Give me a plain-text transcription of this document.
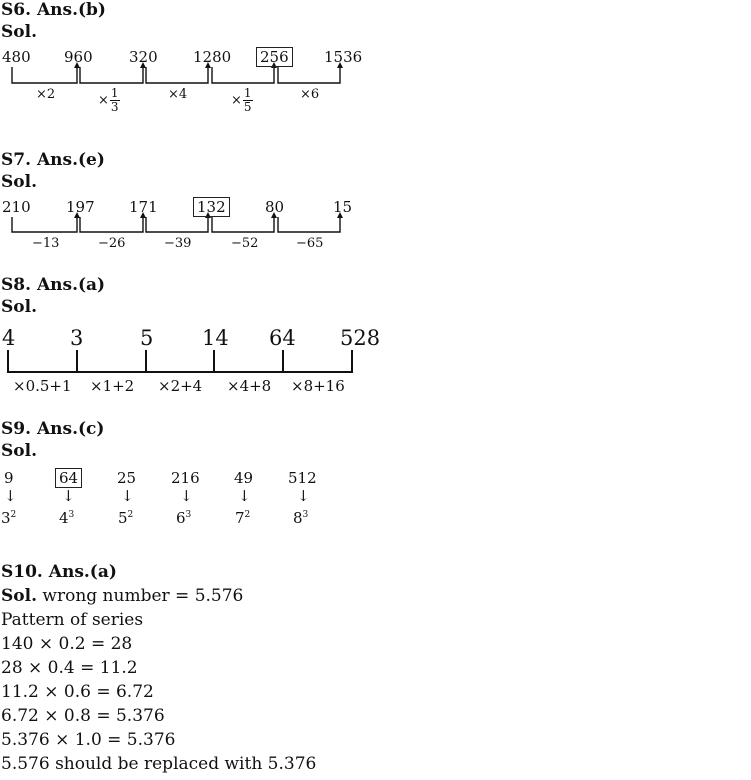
S6. Ans.(b)
Sol.
480 960 320 1280 256 1536
×2	× $\frac{1}{3}$	×4	× $\frac{1}{5}$	×6
S7. Ans.(e)
Sol.
210 197 171	132	80	15
−13	−26	−39	−52	−65
S8. Ans.(a)
Sol.
4	3	5 14 64 528
×0.5+1 ×1+2 ×2+4 ×4+8 ×8+16
S9. Ans.(c)
Sol.
9	64	25 216 49 512
↓	↓	↓	↓	↓	↓
$3^2$	$4^3$	$5^2$	$6^3$	$7^2$	$8^3$
S10. Ans.(a)
Sol. wrong number = 5.576
Pattern of series
140 × 0.2 = 28
28 × 0.4 = 11.2
11.2 × 0.6 = 6.72
6.72 × 0.8 = 5.376
5.376 × 1.0 = 5.376
5.576 should be replaced with 5.376
